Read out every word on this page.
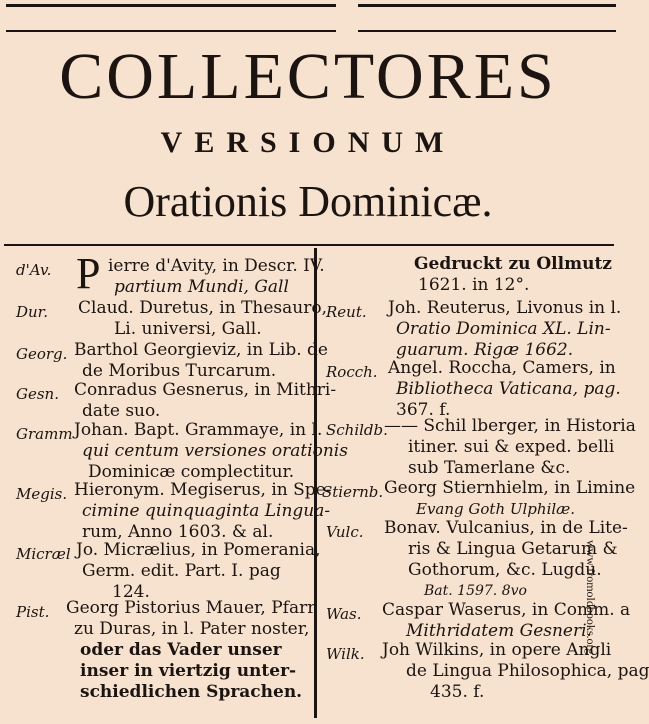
COLLECTORES
VERSIONUM
Orationis Dominicæ.
P
d'Av.	ierre d'Avity, in Descr. IV.
partium Mundi, Gall
Dur. Claud. Duretus, in Thesauro,
Li. universi, Gall.
Georg. Barthol Georgieviz, in Lib. de
de Moribus Turcarum.
Gesn. Conradus Gesnerus, in Mithri-
date suo.
Gramm Johan. Bapt. Grammaye, in l.
qui centum versiones orationis
Dominicæ complectitur.
Megis. Hieronym. Megiserus, in Spe-
cimine quinquaginta Lingua-
rum, Anno 1603. & al.
Micræl Jo. Micrælius, in Pomerania,
Germ. edit. Part. I. pag
124.
Pist. Georg Pistorius Mauer, Pfarr
zu Duras, in l. Pater noster,
oder das Vader unser
inser in viertzig unter-
schiedlichen Sprachen.
Gedruckt zu Ollmutz
1621. in 12°.
Reut. Joh. Reuterus, Livonus in l.
Oratio Dominica XL. Lin-
guarum. Rigæ 1662.
Rocch. Angel. Roccha, Camers, in
Bibliotheca Vaticana, pag.
367. f.
Schildb.
—— Schil lberger, in Historia
itiner. sui & exped. belli
sub Tamerlane &c.
Stiernb. Georg Stiernhielm, in Limine
Evang Goth Ulphilæ.
Vulc. Bonav. Vulcanius, in de Lite-
ris & Lingua Getarum &
Gothorum, &c. Lugdu.
Bat. 1597. 8vo
Was. Caspar Waserus, in Comm. a
Mithridatem Gesneri.
Wilk. Joh Wilkins, in opere Angli
de Lingua Philosophica, pag
435. f.
www.fromoldbooks.org
